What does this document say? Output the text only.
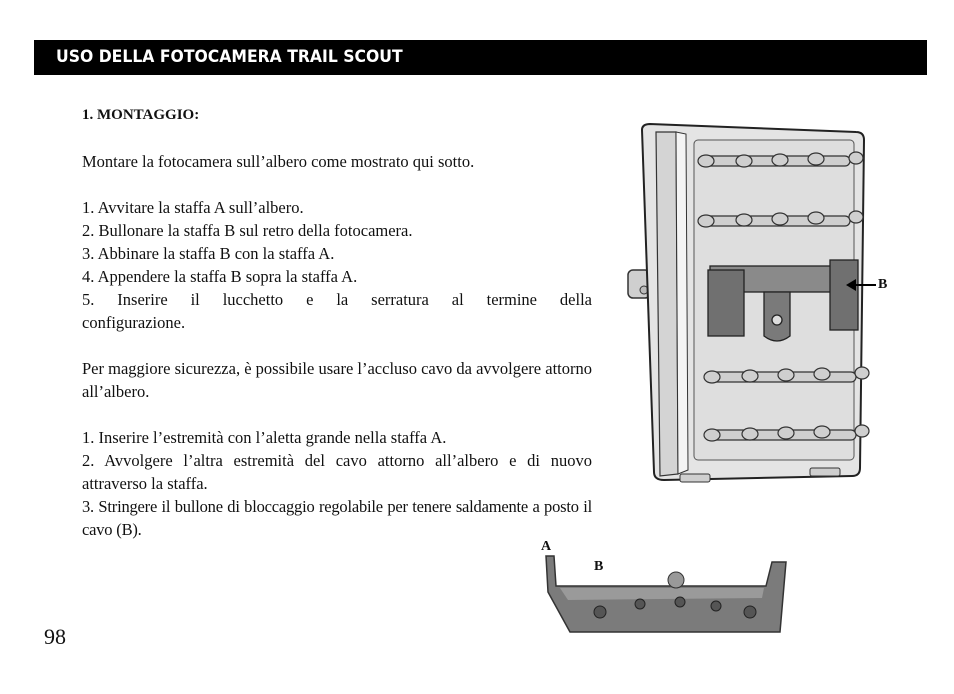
USO DELLA FOTOCAMERA TRAIL SCOUT

1. MONTAGGIO:

Montare la fotocamera sull’albero come mostrato qui sotto.

1. Avvitare la staffa A sull’albero.

2. Bullonare la staffa B sul retro della fotocamera.

3. Abbinare la staffa B con la staffa A.

4. Appendere la staffa B sopra la staffa A.

5. Inserire il lucchetto e la serratura al termine della configurazione.

Per maggiore sicurezza, è possibile usare l’accluso cavo da avvolgere attorno all’albero.

1. Inserire l’estremità con l’aletta grande nella staffa A.

2. Avvolgere l’altra estremità del cavo attorno all’albero e di nuovo attraverso la staffa.

3. Stringere il bullone di bloccaggio regolabile per tenere saldamente a posto il cavo (B).

B
A
B
98
